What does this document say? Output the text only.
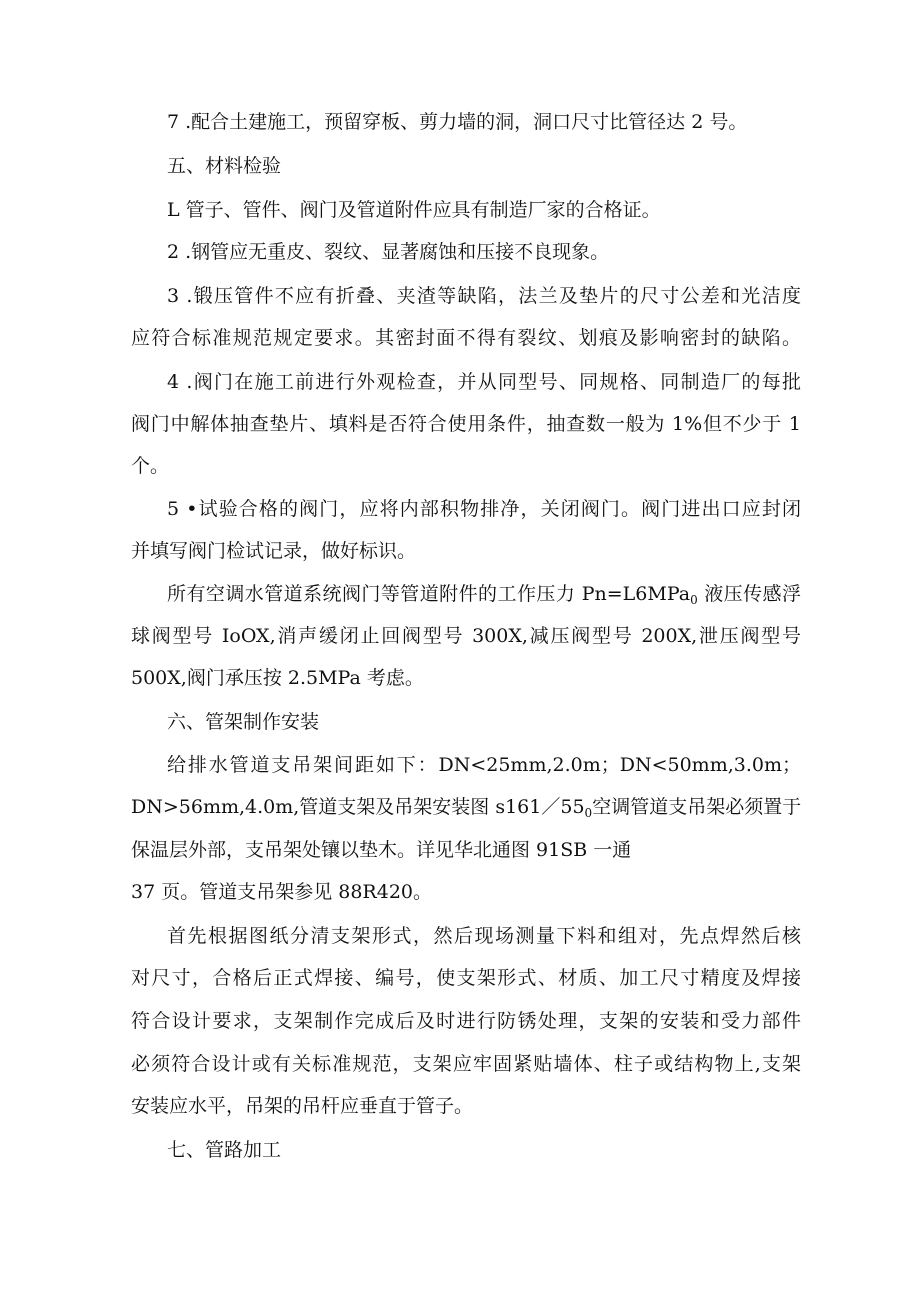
7 .配合土建施工，预留穿板、剪力墙的洞，洞口尺寸比管径达 2 号。
五、材料检验
L 管子、管件、阀门及管道附件应具有制造厂家的合格证。
2 .钢管应无重皮、裂纹、显著腐蚀和压接不良现象。
3 .锻压管件不应有折叠、夹渣等缺陷，法兰及垫片的尺寸公差和光洁度
应符合标准规范规定要求。其密封面不得有裂纹、划痕及影响密封的缺陷。
4 .阀门在施工前进行外观检查，并从同型号、同规格、同制造厂的每批
阀门中解体抽查垫片、填料是否符合使用条件，抽查数一般为 1%但不少于 1
个。
5 •试验合格的阀门，应将内部积物排净，关闭阀门。阀门进出口应封闭
并填写阀门检试记录，做好标识。
所有空调水管道系统阀门等管道附件的工作压力 Pn=L6MPa$_0$ 液压传感浮
球阀型号 IoOX,消声缓闭止回阀型号 300X,减压阀型号 200X,泄压阀型号
500X,阀门承压按 2.5MPa 考虑。
六、管架制作安装
给排水管道支吊架间距如下：DN<25mm,2.0m；DN<50mm,3.0m；
DN>56mm,4.0m,管道支架及吊架安装图 $s161/55_0$空调管道支吊架必须置于
保温层外部，支吊架处镶以垫木。详见华北通图 91SB 一通
37 页。管道支吊架参见 88R420。
首先根据图纸分清支架形式，然后现场测量下料和组对，先点焊然后核
对尺寸，合格后正式焊接、编号，使支架形式、材质、加工尺寸精度及焊接
符合设计要求，支架制作完成后及时进行防锈处理，支架的安装和受力部件
必须符合设计或有关标准规范，支架应牢固紧贴墙体、柱子或结构物上,支架
安装应水平，吊架的吊杆应垂直于管子。
七、管路加工
